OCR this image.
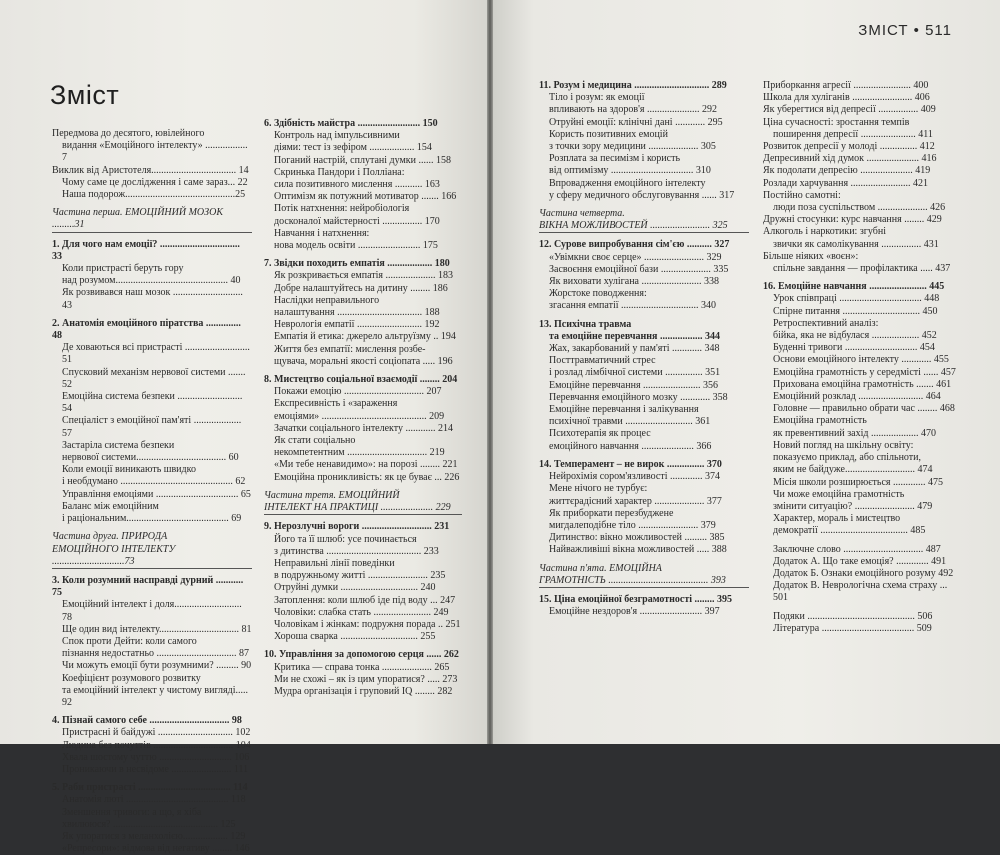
Зміст
Передмова до десятого, ювілейного
видання «Емоційного інтелекту» ................. 7
Виклик від Аристотеля.................................. 14
Чому саме це дослідження і саме зараз... 22
Наша подорож............................................25
Частина перша. ЕМОЦІЙНИЙ МОЗОК .........31
1. Для чого нам емоції? ................................ 33
Коли пристрасті беруть гору
над розумом............................................. 40
Як розвивався наш мозок ............................ 43
2. Анатомія емоційного піратства .............. 48
Де ховаються всі пристрасті .......................... 51
Спусковий механізм нервової системи ....... 52
Емоційна система безпеки .......................... 54
Спеціаліст з емоційної пам'яті ................... 57
Застаріла система безпеки
нервової системи.................................... 60
Коли емоції виникають швидко
і необдумано ............................................. 62
Управління емоціями ................................. 65
Баланс між емоційним
і раціональним......................................... 69
Частина друга. ПРИРОДА
ЕМОЦІЙНОГО ІНТЕЛЕКТУ .............................73
3. Коли розумний насправді дурний ........... 75
Емоційний інтелект і доля........................... 78
Ще один вид інтелекту................................ 81
Спок проти Дейти: коли самого
пізнання недостатньо ................................ 87
Чи можуть емоції бути розумними? ......... 90
Коефіцієнт розумового розвитку
та емоційний інтелект у чистому вигляді..... 92
4. Пізнай самого себе ................................ 98
Пристрасні й байдужі .............................. 102
Людина без почуттів ................................ 104
Хвала шостому чуттю ............................. 106
Проникаючи в несвідоме ........................ 111
5. Раби пристрасті ..................................... 114
Анатомія люті ......................................... 118
Зменшення тривоги: а що, я хіба
хвилююся? .......................................... 125
Як упоратися з меланхолією.................. 129
«Репресори»: відмова від негативу ........ 146
6. Здібність майстра ......................... 150
Контроль над імпульсивними
діями: тест із зефіром .................. 154
Поганий настрій, сплутані думки ...... 158
Скринька Пандори і Полліана:
сила позитивного мислення ........... 163
Оптимізм як потужний мотиватор ....... 166
Потік натхнення: нейробіологія
досконалої майстерності ................ 170
Навчання і натхнення:
нова модель освіти ......................... 175
7. Звідки походить емпатія .................. 180
Як розкривається емпатія .................... 183
Добре налаштуйтесь на дитину ........ 186
Наслідки неправильного
налаштування .................................. 188
Неврологія емпатії .......................... 192
Емпатія й етика: джерело альтруїзму .. 194
Життя без емпатії: мислення розбе-
щувача, моральні якості соціопата ..... 196
8. Мистецтво соціальної взаємодії ........ 204
Покажи емоцію ................................ 207
Експресивність і «зараження
емоціями» .......................................... 209
Зачатки соціального інтелекту ............ 214
Як стати соціально
некомпетентним ................................ 219
«Ми тебе ненавидимо»: на порозі ........ 221
Емоційна проникливість: як це буває ... 226
Частина третя. ЕМОЦІЙНИЙ
ІНТЕЛЕКТ НА ПРАКТИЦІ ..................... 229
9. Нерозлучні вороги ............................ 231
Його та її шлюб: усе починається
з дитинства ...................................... 233
Неправильні лінії поведінки
в подружньому житті ........................ 235
Отруйні думки ............................... 240
Затоплення: коли шлюб іде під воду ... 247
Чоловіки: слабка стать ....................... 249
Чоловікам і жінкам: подружня порада .. 251
Хороша сварка ............................... 255
10. Управління за допомогою серця ...... 262
Критика — справа тонка .................... 265
Ми не схожі – як із цим упоратися? ..... 273
Мудра організація і груповий IQ ........ 282
ЗМІСТ • 511
11. Розум і медицина .............................. 289
Тіло і розум: як емоції
впливають на здоров'я ..................... 292
Отруйні емоції: клінічні дані ............ 295
Користь позитивних емоцій
з точки зору медицини .................... 305
Розплата за песимізм і користь
від оптимізму ................................. 310
Впровадження емоційного інтелекту
у сферу медичного обслуговування ...... 317
Частина четверта.
ВІКНА МОЖЛИВОСТЕЙ ........................ 325
12. Сурове випробування сім'єю .......... 327
«Увімкни своє серце» ........................ 329
Засвоєння емоційної бази .................... 335
Як виховати хулігана ........................ 338
Жорстоке поводження:
згасання емпатії ............................... 340
13. Психічна травма
та емоційне перевчання ................. 344
Жах, закарбований у пам'яті ............ 348
Посттравматичний стрес
і розлад лімбічної системи ............... 351
Емоційне перевчання ....................... 356
Перевчання емоційного мозку ............ 358
Емоційне перевчання і залікування
психічної травми ........................... 361
Психотерапія як процес
емоційного навчання ..................... 366
14. Темперамент – не вирок ............... 370
Нейрохімія сором'язливості ............. 374
Мене нічого не турбує:
життєрадісний характер .................... 377
Як приборкати перезбуджене
мигдалеподібне тіло ........................ 379
Дитинство: вікно можливостей ......... 385
Найважливіші вікна можливостей ..... 388
Частина п'ята. ЕМОЦІЙНА
ГРАМОТНІСТЬ ........................................ 393
15. Ціна емоційної безграмотності ........ 395
Емоційне нездоров'я ......................... 397
Приборкання агресії ....................... 400
Школа для хуліганів ........................ 406
Як уберегтися від депресії ................ 409
Ціна сучасності: зростання темпів
поширення депресії ...................... 411
Розвиток депресії у молоді ............... 412
Депресивний хід думок ..................... 416
Як подолати депресію ..................... 419
Розлади харчування ........................ 421
Постійно самотні:
люди поза суспільством .................... 426
Дружні стосунки: курс навчання ........ 429
Алкоголь і наркотики: згубні
звички як самолікування ................ 431
Більше ніяких «воєн»:
спільне завдання — профілактика ..... 437
16. Емоційне навчання ....................... 445
Урок співпраці ................................. 448
Спірне питання ............................... 450
Ретроспективний аналіз:
бійка, яка не відбулася ................... 452
Буденні тривоги ............................. 454
Основи емоційного інтелекту ............ 455
Емоційна грамотність у середмісті ...... 457
Прихована емоційна грамотність ....... 461
Емоційний розклад .......................... 464
Головне — правильно обрати час ........ 468
Емоційна грамотність
як превентивний захід ................... 470
Новий погляд на шкільну освіту:
показуємо приклад, або спільноти,
яким не байдуже............................ 474
Місія школи розширюється ............. 475
Чи може емоційна грамотність
змінити ситуацію? ........................ 479
Характер, мораль і мистецтво
демократії ................................... 485
Заключне слово ................................ 487
Додаток А. Що таке емоція? ............. 491
Додаток Б. Ознаки емоційного розуму 492
Додаток В. Неврологічна схема страху ... 501
Подяки ........................................... 506
Література ..................................... 509
